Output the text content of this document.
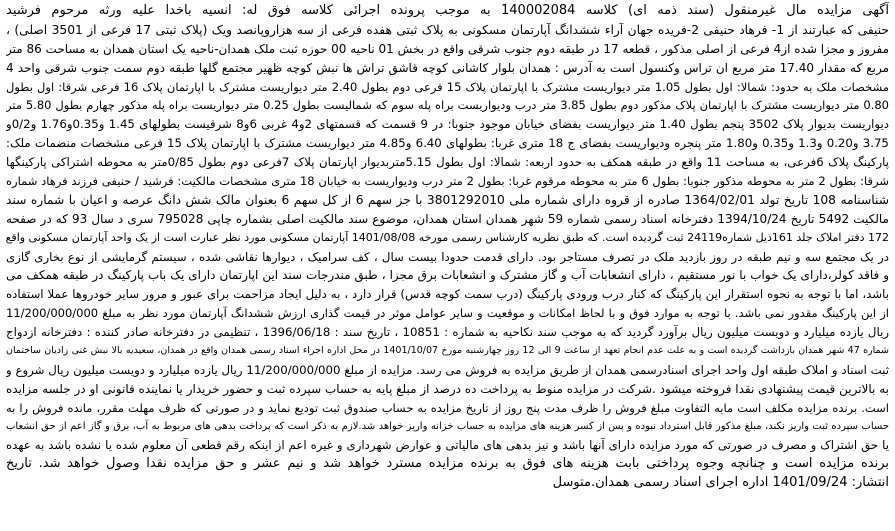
آگهی مزایده مال غیرمنقول (سند ذمه ای) کلاسه 140002084 به موجب پرونده اجرائی کلاسه فوق له: انسیه باخدا علیه ورثه مرحوم فرشید
حنیفی که عبارتند از 1- فرهاد حنیفی 2-فریده جهان آراء ششدانگ آپارتمان مسکونی به پلاک ثبتی هفده فرعی از سه هزاروپانصد ویک (پلاک ثبتی 17 فرعی از 3501 اصلی) ،
مفروز و مجزا شده از4 فرعی از اصلی مذکور ، قطعه 17 در طبقه دوم جنوب شرقی واقع در بخش 01 ناحیه 00 حوزه ثبت ملک همدان-ناحیه یک استان همدان به مساحت 86 متر
مربع که مقدار 17.40 متر مربع ان تراس وکنسول است به آدرس : همدان بلوار کاشانی کوچه قاشق تراش ها نبش کوچه ظهیر مجتمع گلها طبقه دوم سمت جنوب شرقی واحد 4
مشخصات ملک به حدود: شمالا: اول بطول 1.05 متر دیواریست مشترک با اپارتمان پلاک 15 فرعی دوم بطول 2.40 متر دیواریست مشترک با اپارتمان پلاک 16 فرعی شرقا: اول بطول
0.80 متر دیواریست مشترک با اپارتمان پلاک مذکور دوم بطول 3.85 متر درب ودیواریست براه پله سوم که شمالیست بطول 0.25 متر دیواریست براه پله مذکور چهارم بطول 5.80 متر
دیواریست بدیوار پلاک 3502 پنجم بطول 1.40 متر دیواریست بفضای خیابان موجود جنوبا: در 9 قسمت که قسمتهای 2و4 غربی 6و8 شرقیست بطولهای 1.45 و0.35و1.76 و0/2و
3.75 و0.20 و1.3 و0.35 و1.80 متر پنجره ودیواریست بفضای ج 18 متری غربا: بطولهای 6.40 و4.85 متر دیواریست مشترک با اپارتمان پلاک 15 فرعی مشخصات منضمات ملک:
پارکینگ پلاک 6فرعی، به مساحت 11 واقع در طبقه همکف به حدود اربعه: شمالا: اول بطول 5.15متربدیوار اپارتمان پلاک 7فرعی دوم بطول 0/85متر به محوطه اشتراکی پارکینگها
شرقا: بطول 2 متر به محوطه مذکور جنوبا: بطول 6 متر به محوطه مرقوم غربا: بطول 2 متر درب ودیواریست به خیابان 18 متری مشخصات مالکیت: فرشید / حنیفی فرزند فرهاد شماره
شناسنامه 108 تاریخ تولد 1364/02/01 صادره از قروه دارای شماره ملی 3801292010 با جز سهم 6 از کل سهم 6 بعنوان مالک شش دانگ عرصه و اعیان با شماره سند
مالکیت 5492 تاریخ 1394/10/24 دفترخانه اسناد رسمی شماره 59 شهر همدان استان همدان، موضوع سند مالکیت اصلی بشماره چاپی 795028 سری د سال 93 که در صفحه
172 دفتر املاک جلد 161ذیل شماره24119 ثبت گردیده است. که طبق نظریه کارشناس رسمی مورخه 1401/08/08 آپارتمان مسکونی مورد نظر عبارت است از یک واحد آپارتمان مسکونی واقع
در یک مجتمع سه و نیم طبقه در روز بازدید ملک در تصرف مستاجر بود. دارای قدمت حدودا بیست سال ، کف سرامیک ، دیوارها نقاشی شده ، سیستم گرمایشی از نوع بخاری گازی
و فاقد کولر،دارای یک خواب با نور مستقیم ، دارای انشعابات آب و گاز مشترک و انشعابات برق مجزا ، طبق مندرجات سند این اپارتمان دارای یک باب پارکینگ در طبقه همکف می
باشد، اما با توجه به نحوه استقرار این پارکینگ که کنار درب ورودی پارکینگ (درب سمت کوچه قدس) قرار دارد ، به دلیل ایجاد مزاحمت برای عبور و مرور سایر خودروها عملا استفاده
از این پارکینگ مقدور نمی باشد. با توجه به موارد فوق و با لحاظ امکانات و موقعیت و سایر عوامل موثر در قیمت گذاری ارزش ششدانگ آپارتمان مورد نظر به مبلغ 11/200/000/000
ریال یازده میلیارد و دویست میلیون ریال برآورد گردید که به موجب سند نکاحیه به شماره : 10851 ، تاریخ سند : 1396/06/18 ، تنظیمی در دفترخانه صادر کننده : دفترخانه ازدواج
شماره 47 شهر همدان بازداشت گردیده است و به علت عدم انجام تعهد از ساعت 9 الی 12 روز چهارشنبه مورخ 1401/10/07 در محل اداره اجراء اسناد رسمی همدان واقع در همدان، سعیدیه بالا نبش غنی زادیان ساختمان
ثبت اسناد و املاک طبقه اول واحد اجرای اسنادرسمی همدان از طریق مزایده به فروش می رسد. مزایده از مبلغ 11/200/000/000 ریال یازده میلیارد و دویست میلیون ریال شروع و
به بالاترین قیمت پیشنهادی نقدا فروخته میشود .شرکت در مزایده منوط به پرداخت ده درصد از مبلغ پایه به حساب سپرده ثبت و حضور خریدار یا نماینده قانونی او در جلسه مزایده
است. برنده مزایده مکلف است مابه التفاوت مبلغ فروش را ظرف مدت پنج روز از تاریخ مزایده به حساب صندوق ثبت تودیع نماید و در صورتی که ظرف مهلت مقرر، مانده فروش را به
حساب سپرده ثبت واریز نکند، مبلغ مذکور قابل استرداد نبوده و پس از کسر هزینه های مزایده به حساب خزانه واریز خواهد شد.لازم به ذکر است که پرداخت بدهی های مربوط به آب، برق و گاز اعم از حق انشعاب
یا حق اشتراک و مصرف در صورتی که مورد مزایده دارای آنها باشد و نیز بدهی های مالیاتی و عوارض شهرداری و غیره اعم از اینکه رقم قطعی آن معلوم شده یا نشده باشد به عهده
برنده مزایده است و چنانچه وجوه پرداختی بابت هزینه های فوق به برنده مزایده مسترد خواهد شد و نیم عشر و حق مزایده نقدا وصول خواهد شد. تاریخ
انتشار: 1401/09/24 اداره اجرای اسناد رسمی همدان.متوسل
